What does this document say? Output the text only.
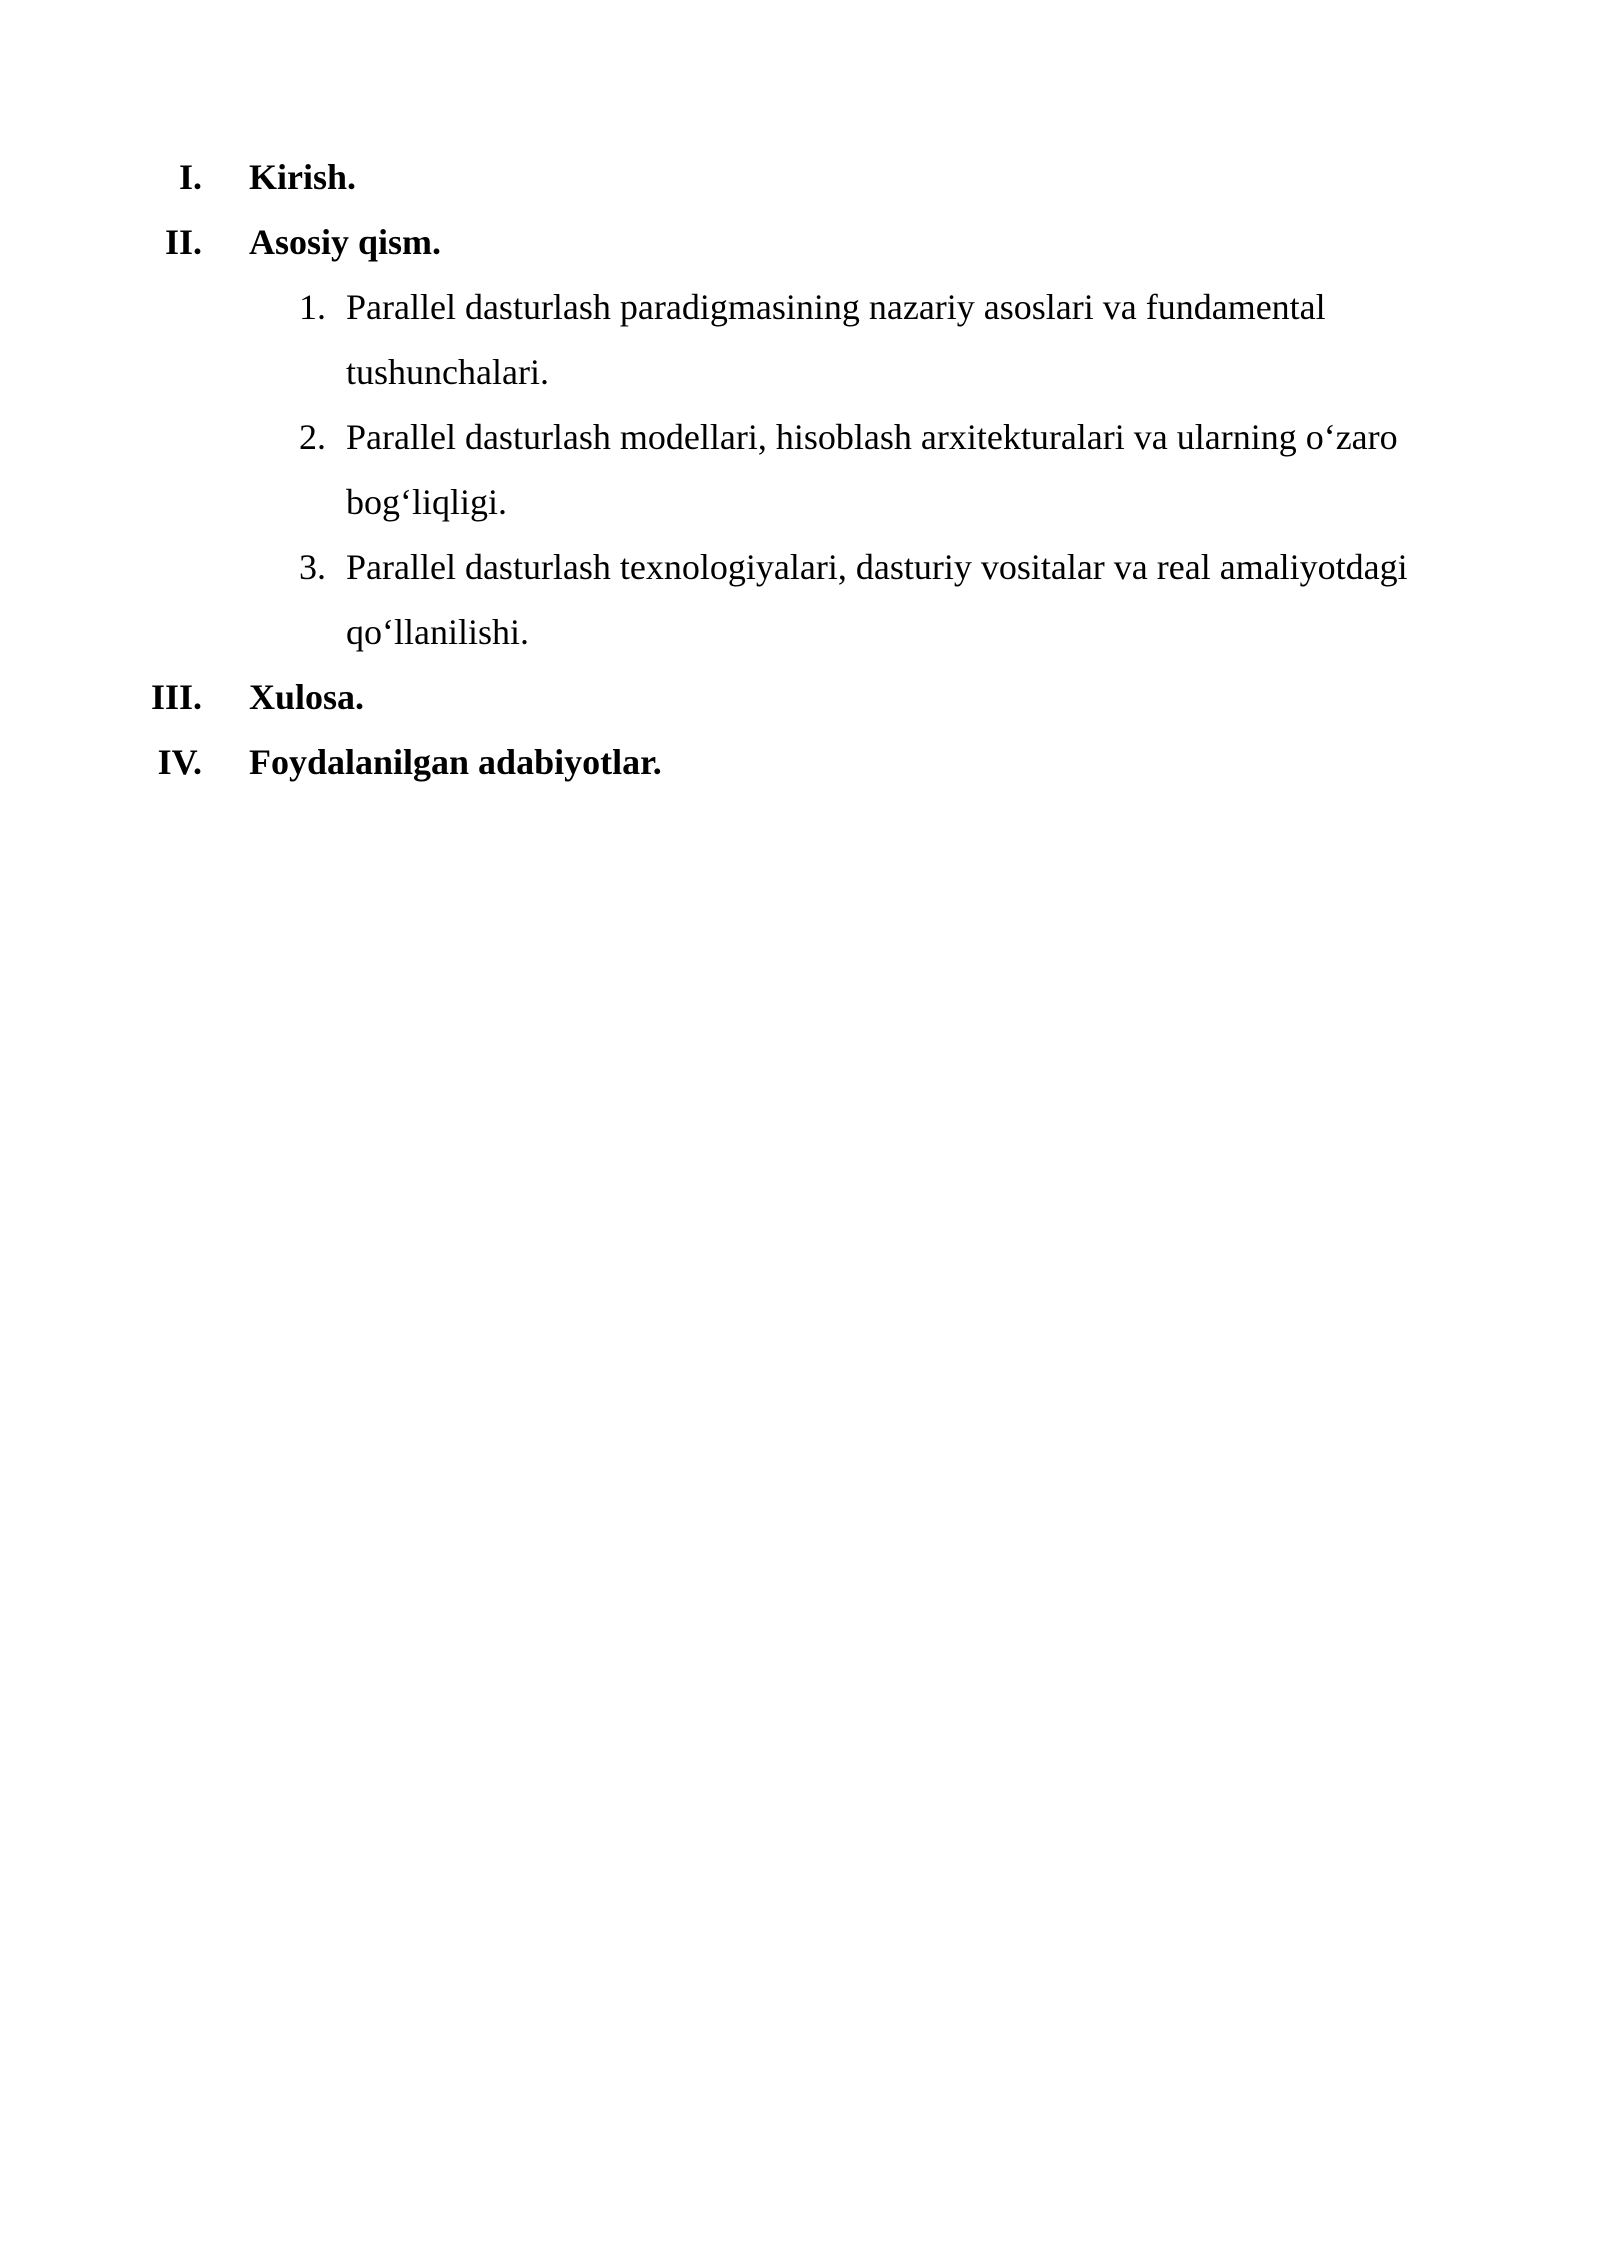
I. Kirish.
II. Asosiy qism.
1. Parallel dasturlash paradigmasining nazariy asoslari va fundamental
tushunchalari.
2. Parallel dasturlash modellari, hisoblash arxitekturalari va ularning o‘zaro
bog‘liqligi.
3. Parallel dasturlash texnologiyalari, dasturiy vositalar va real amaliyotdagi
qo‘llanilishi.
III. Xulosa.
IV. Foydalanilgan adabiyotlar.
